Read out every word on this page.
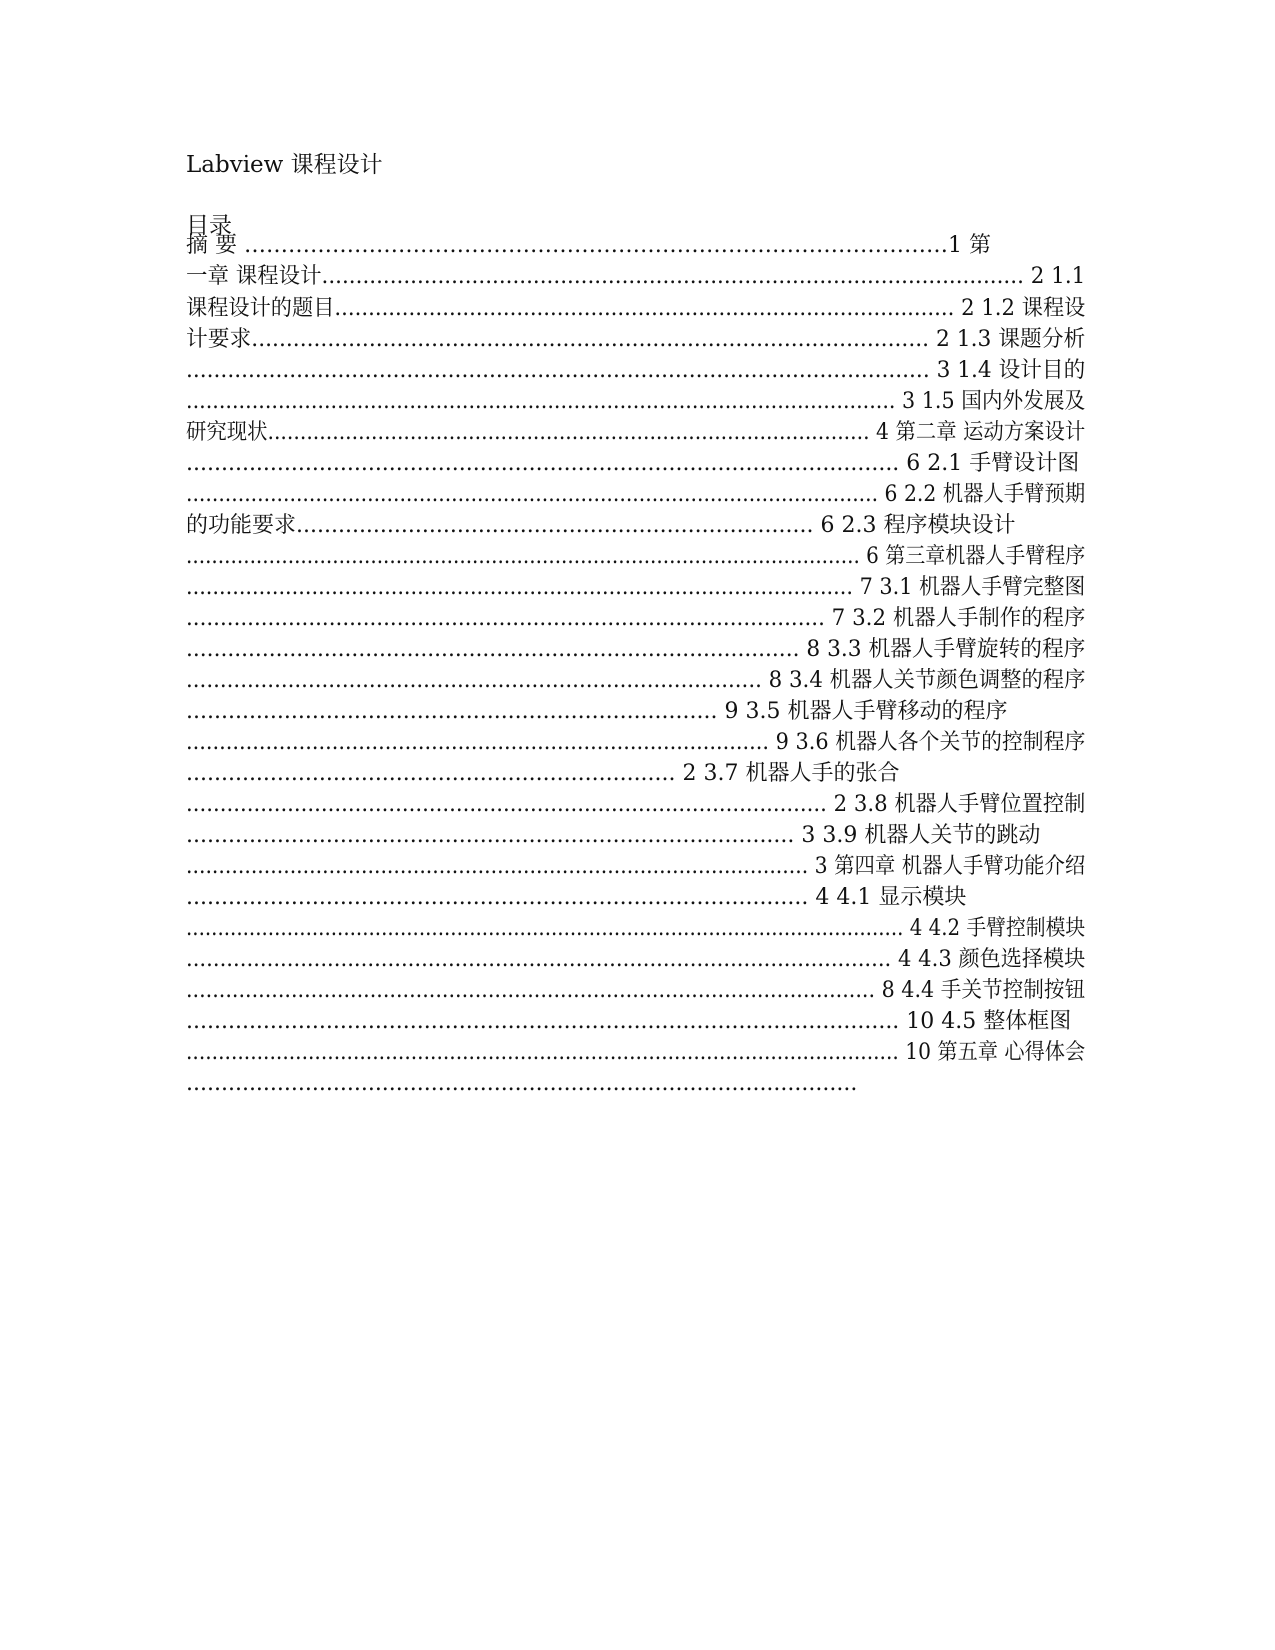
Labview 课程设计
目录
摘 要 ……………………………………………………………………………………1 第
一章 课程设计....................................................................................................... 2 1.1
课程设计的题目............................................................................................ 2 1.2 课程设
计要求.................................................................................................. 2 1.3 课题分析
............................................................................................................ 3 1.4 设计目的
............................................................................................................ 3 1.5 国内外发展及
研究现状............................................................................................. 4 第二章 运动方案设计
...................................................................................................... 6 2.1 手臂设计图
........................................................................................................... 6 2.2 机器人手臂预期
的功能要求.......................................................................... 6 2.3 程序模块设计
.......................................................................................................... 6 第三章机器人手臂程序
..................................................................................................... 7 3.1 机器人手臂完整图
.............................................................................................. 7 3.2 机器人手制作的程序
......................................................................................... 8 3.3 机器人手臂旋转的程序
..................................................................................... 8 3.4 机器人关节颜色调整的程序
............................................................................ 9 3.5 机器人手臂移动的程序
........................................................................................ 9 3.6 机器人各个关节的控制程序
...................................................................... 2 3.7 机器人手的张合
............................................................................................... 2 3.8 机器人手臂位置控制
....................................................................................... 3 3.9 机器人关节的跳动
................................................................................................ 3 第四章 机器人手臂功能介绍
......................................................................................... 4 4.1 显示模块
.................................................................................................................. 4 4.2 手臂控制模块
......................................................................................................... 4 4.3 颜色选择模块
......................................................................................................... 8 4.4 手关节控制按钮
...................................................................................................... 10 4.5 整体框图
............................................................................................................... 10 第五章 心得体会
................................................................................................
